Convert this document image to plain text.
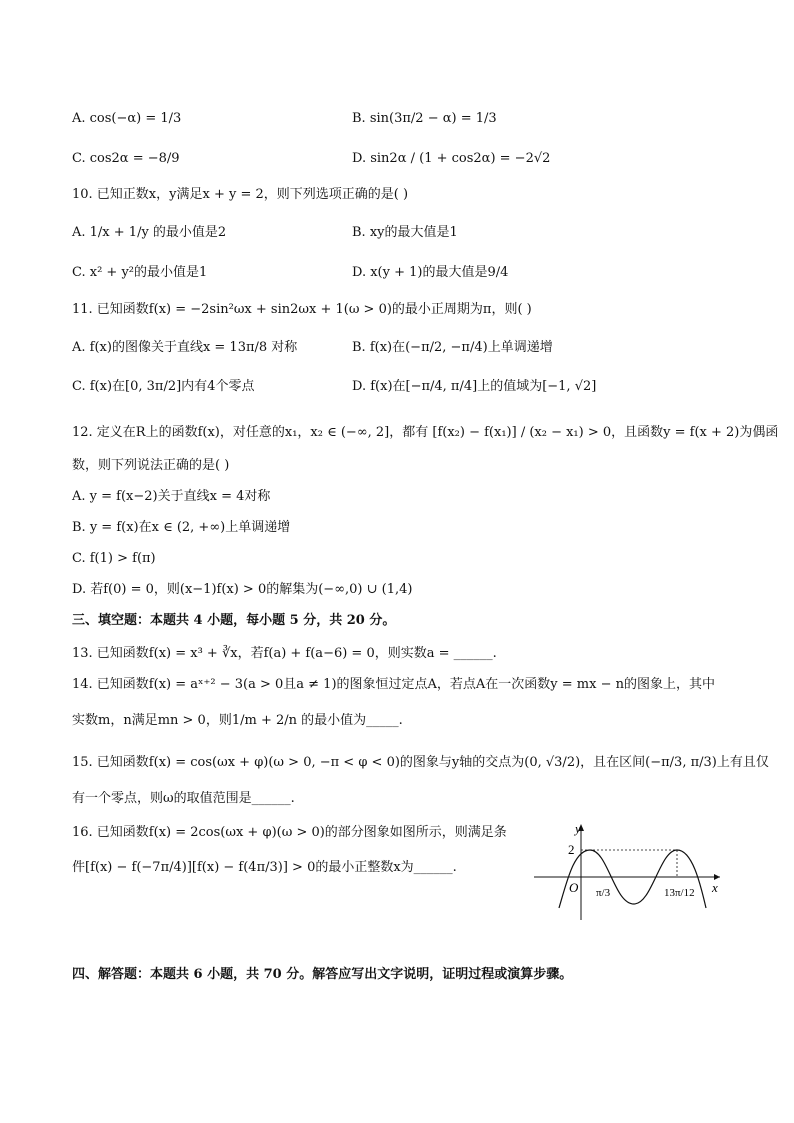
A. cos(−α) = 1/3	B. sin(3π/2 − α) = 1/3
C. cos2α = −8/9	D. sin2α / (1 + cos2α) = −2√2
10. 已知正数x，y满足x + y = 2，则下列选项正确的是( )
A. 1/x + 1/y 的最小值是2	B. xy的最大值是1
C. x² + y²的最小值是1	D. x(y + 1)的最大值是9/4
11. 已知函数f(x) = −2sin²ωx + sin2ωx + 1(ω > 0)的最小正周期为π，则( )
A. f(x)的图像关于直线x = 13π/8 对称	B. f(x)在(−π/2, −π/4)上单调递增
C. f(x)在[0, 3π/2]内有4个零点	D. f(x)在[−π/4, π/4]上的值域为[−1, √2]
12. 定义在R上的函数f(x)，对任意的x₁，x₂ ∈ (−∞, 2]，都有 [f(x₂) − f(x₁)] / (x₂ − x₁) > 0，且函数y = f(x + 2)为偶函
数，则下列说法正确的是( )
A. y = f(x−2)关于直线x = 4对称
B. y = f(x)在x ∈ (2, +∞)上单调递增
C. f(1) > f(π)
D. 若f(0) = 0，则(x−1)f(x) > 0的解集为(−∞,0) ∪ (1,4)
三、填空题：本题共 4 小题，每小题 5 分，共 20 分。
13. 已知函数f(x) = x³ + ∛x，若f(a) + f(a−6) = 0，则实数a = ______.
14. 已知函数f(x) = aˣ⁺² − 3(a > 0且a ≠ 1)的图象恒过定点A，若点A在一次函数y = mx − n的图象上，其中
实数m，n满足mn > 0，则1/m + 2/n 的最小值为_____.
15. 已知函数f(x) = cos(ωx + φ)(ω > 0, −π < φ < 0)的图象与y轴的交点为(0, √3/2)，且在区间(−π/3, π/3)上有且仅
有一个零点，则ω的取值范围是______.
16. 已知函数f(x) = 2cos(ωx + φ)(ω > 0)的部分图象如图所示，则满足条
件[f(x) − f(−7π/4)][f(x) − f(4π/3)] > 0的最小正整数x为______.
y
x
O
2
π/3	13π/12
四、解答题：本题共 6 小题，共 70 分。解答应写出文字说明，证明过程或演算步骤。
